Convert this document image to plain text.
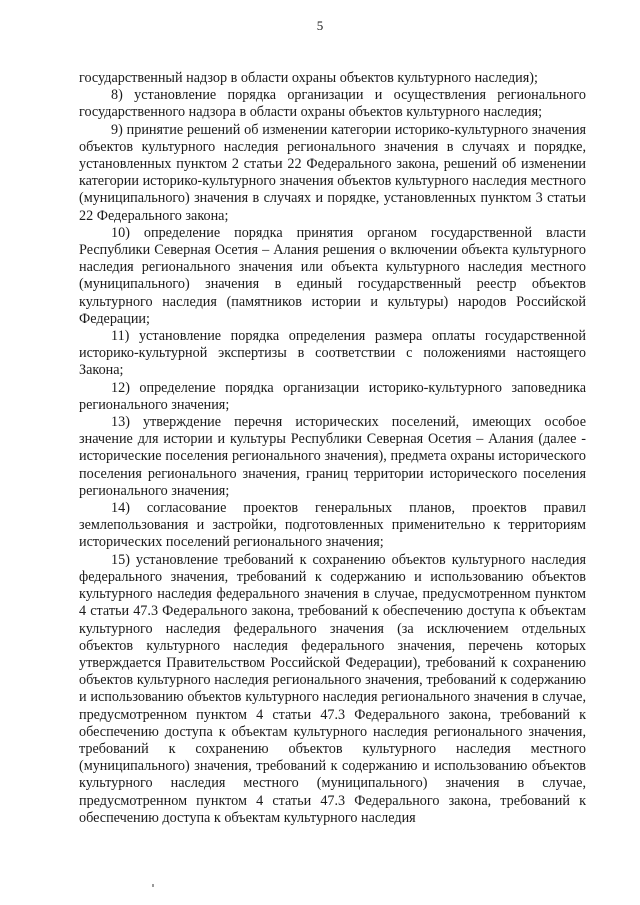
5

государственный надзор в области охраны объектов культурного наследия);

8) установление порядка организации и осуществления регионального государственного надзора в области охраны объектов культурного наследия;

9) принятие решений об изменении категории историко-культурного значения объектов культурного наследия регионального значения в случаях и порядке, установленных пунктом 2 статьи 22 Федерального закона, решений об изменении категории историко-культурного значения объектов культурного наследия местного (муниципального) значения в случаях и порядке, установленных пунктом 3 статьи 22 Федерального закона;

10) определение порядка принятия органом государственной власти Республики Северная Осетия – Алания решения о включении объекта культурного наследия регионального значения или объекта культурного наследия местного (муниципального) значения в единый государственный реестр объектов культурного наследия (памятников истории и культуры) народов Российской Федерации;

11) установление порядка определения размера оплаты государственной историко-культурной экспертизы в соответствии с положениями настоящего Закона;

12) определение порядка организации историко-культурного заповедника регионального значения;

13) утверждение перечня исторических поселений, имеющих особое значение для истории и культуры Республики Северная Осетия – Алания (далее - исторические поселения регионального значения), предмета охраны исторического поселения регионального значения, границ территории исторического поселения регионального значения;

14) согласование проектов генеральных планов, проектов правил землепользования и застройки, подготовленных применительно к территориям исторических поселений регионального значения;

15) установление требований к сохранению объектов культурного наследия федерального значения, требований к содержанию и использованию объектов культурного наследия федерального значения в случае, предусмотренном пунктом 4 статьи 47.3 Федерального закона, требований к обеспечению доступа к объектам культурного наследия федерального значения (за исключением отдельных объектов культурного наследия федерального значения, перечень которых утверждается Правительством Российской Федерации), требований к сохранению объектов культурного наследия регионального значения, требований к содержанию и использованию объектов культурного наследия регионального значения в случае, предусмотренном пунктом 4 статьи 47.3 Федерального закона, требований к обеспечению доступа к объектам культурного наследия регионального значения, требований к сохранению объектов культурного наследия местного (муниципального) значения, требований к содержанию и использованию объектов культурного наследия местного (муниципального) значения в случае, предусмотренном пунктом 4 статьи 47.3 Федерального закона, требований к обеспечению доступа к объектам культурного наследия
